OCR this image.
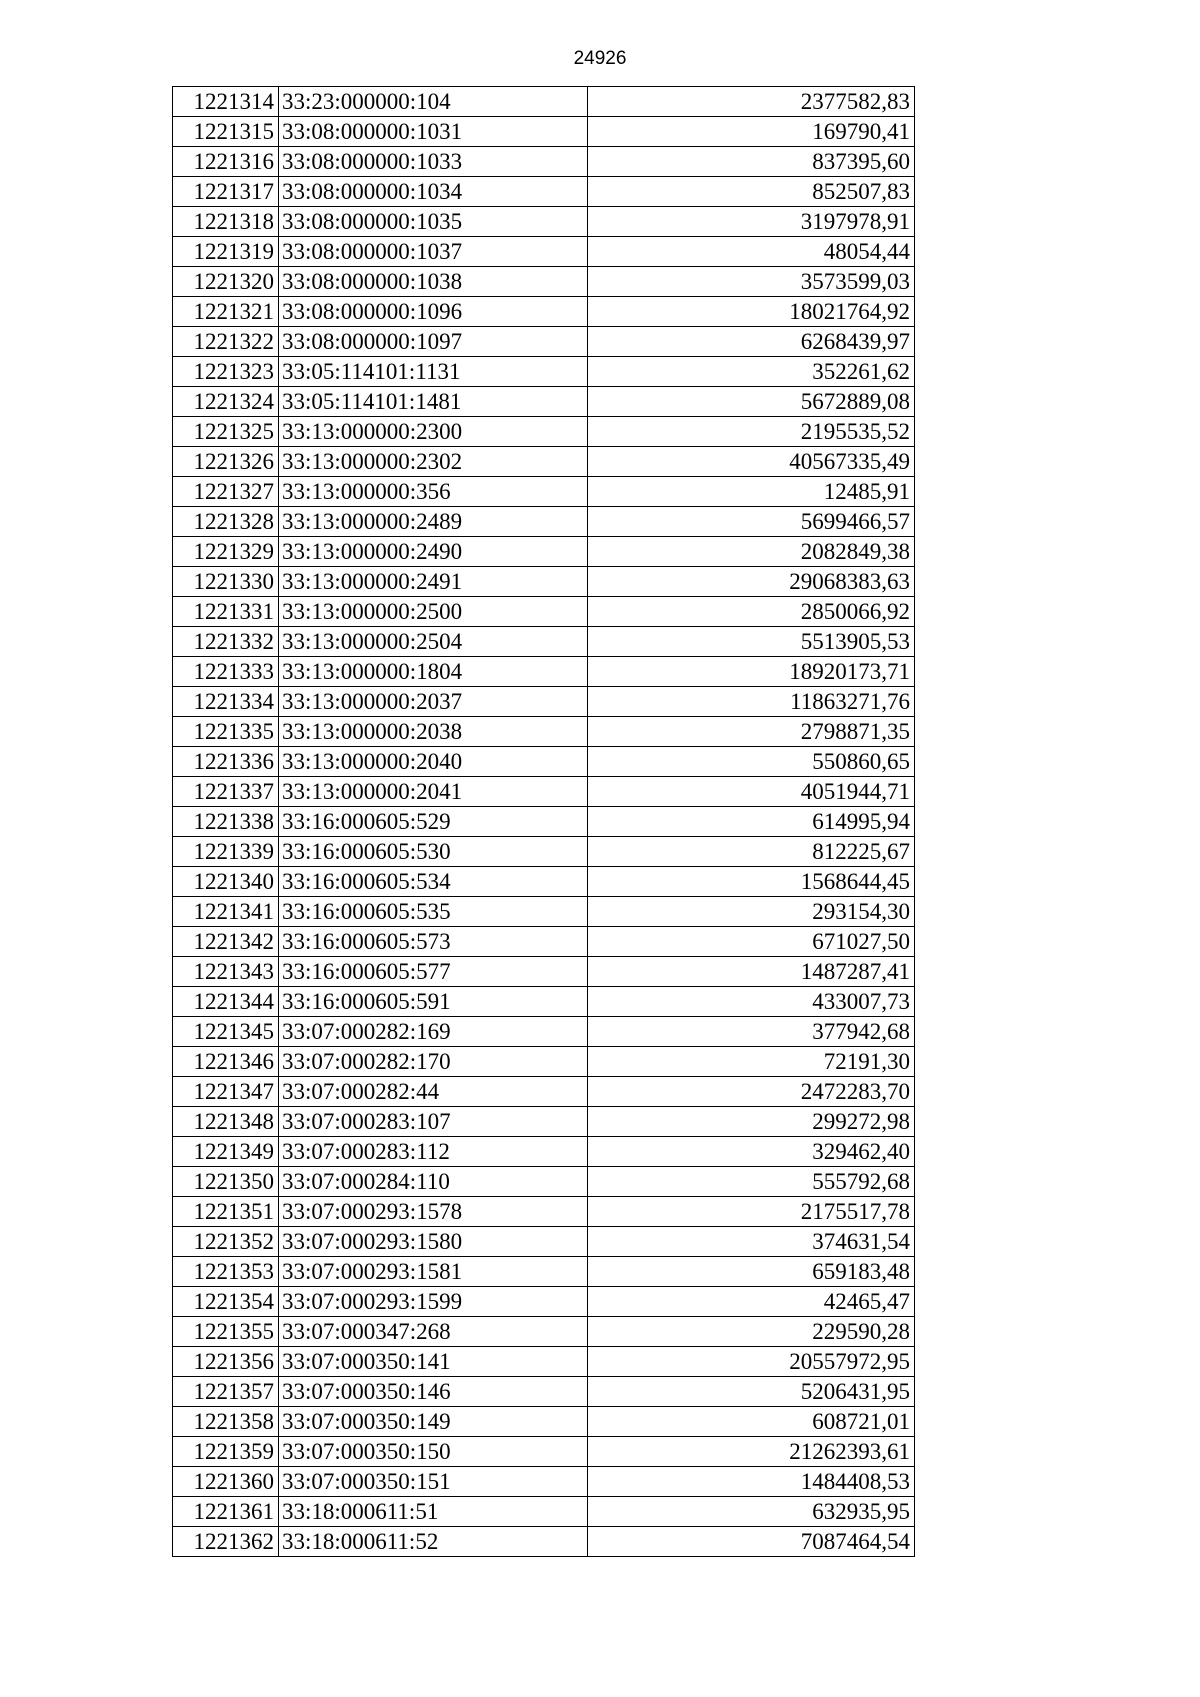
24926
1221314	33:23:000000:104	2377582,83
1221315	33:08:000000:1031	169790,41
1221316	33:08:000000:1033	837395,60
1221317	33:08:000000:1034	852507,83
1221318	33:08:000000:1035	3197978,91
1221319	33:08:000000:1037	48054,44
1221320	33:08:000000:1038	3573599,03
1221321	33:08:000000:1096	18021764,92
1221322	33:08:000000:1097	6268439,97
1221323	33:05:114101:1131	352261,62
1221324	33:05:114101:1481	5672889,08
1221325	33:13:000000:2300	2195535,52
1221326	33:13:000000:2302	40567335,49
1221327	33:13:000000:356	12485,91
1221328	33:13:000000:2489	5699466,57
1221329	33:13:000000:2490	2082849,38
1221330	33:13:000000:2491	29068383,63
1221331	33:13:000000:2500	2850066,92
1221332	33:13:000000:2504	5513905,53
1221333	33:13:000000:1804	18920173,71
1221334	33:13:000000:2037	11863271,76
1221335	33:13:000000:2038	2798871,35
1221336	33:13:000000:2040	550860,65
1221337	33:13:000000:2041	4051944,71
1221338	33:16:000605:529	614995,94
1221339	33:16:000605:530	812225,67
1221340	33:16:000605:534	1568644,45
1221341	33:16:000605:535	293154,30
1221342	33:16:000605:573	671027,50
1221343	33:16:000605:577	1487287,41
1221344	33:16:000605:591	433007,73
1221345	33:07:000282:169	377942,68
1221346	33:07:000282:170	72191,30
1221347	33:07:000282:44	2472283,70
1221348	33:07:000283:107	299272,98
1221349	33:07:000283:112	329462,40
1221350	33:07:000284:110	555792,68
1221351	33:07:000293:1578	2175517,78
1221352	33:07:000293:1580	374631,54
1221353	33:07:000293:1581	659183,48
1221354	33:07:000293:1599	42465,47
1221355	33:07:000347:268	229590,28
1221356	33:07:000350:141	20557972,95
1221357	33:07:000350:146	5206431,95
1221358	33:07:000350:149	608721,01
1221359	33:07:000350:150	21262393,61
1221360	33:07:000350:151	1484408,53
1221361	33:18:000611:51	632935,95
1221362	33:18:000611:52	7087464,54
